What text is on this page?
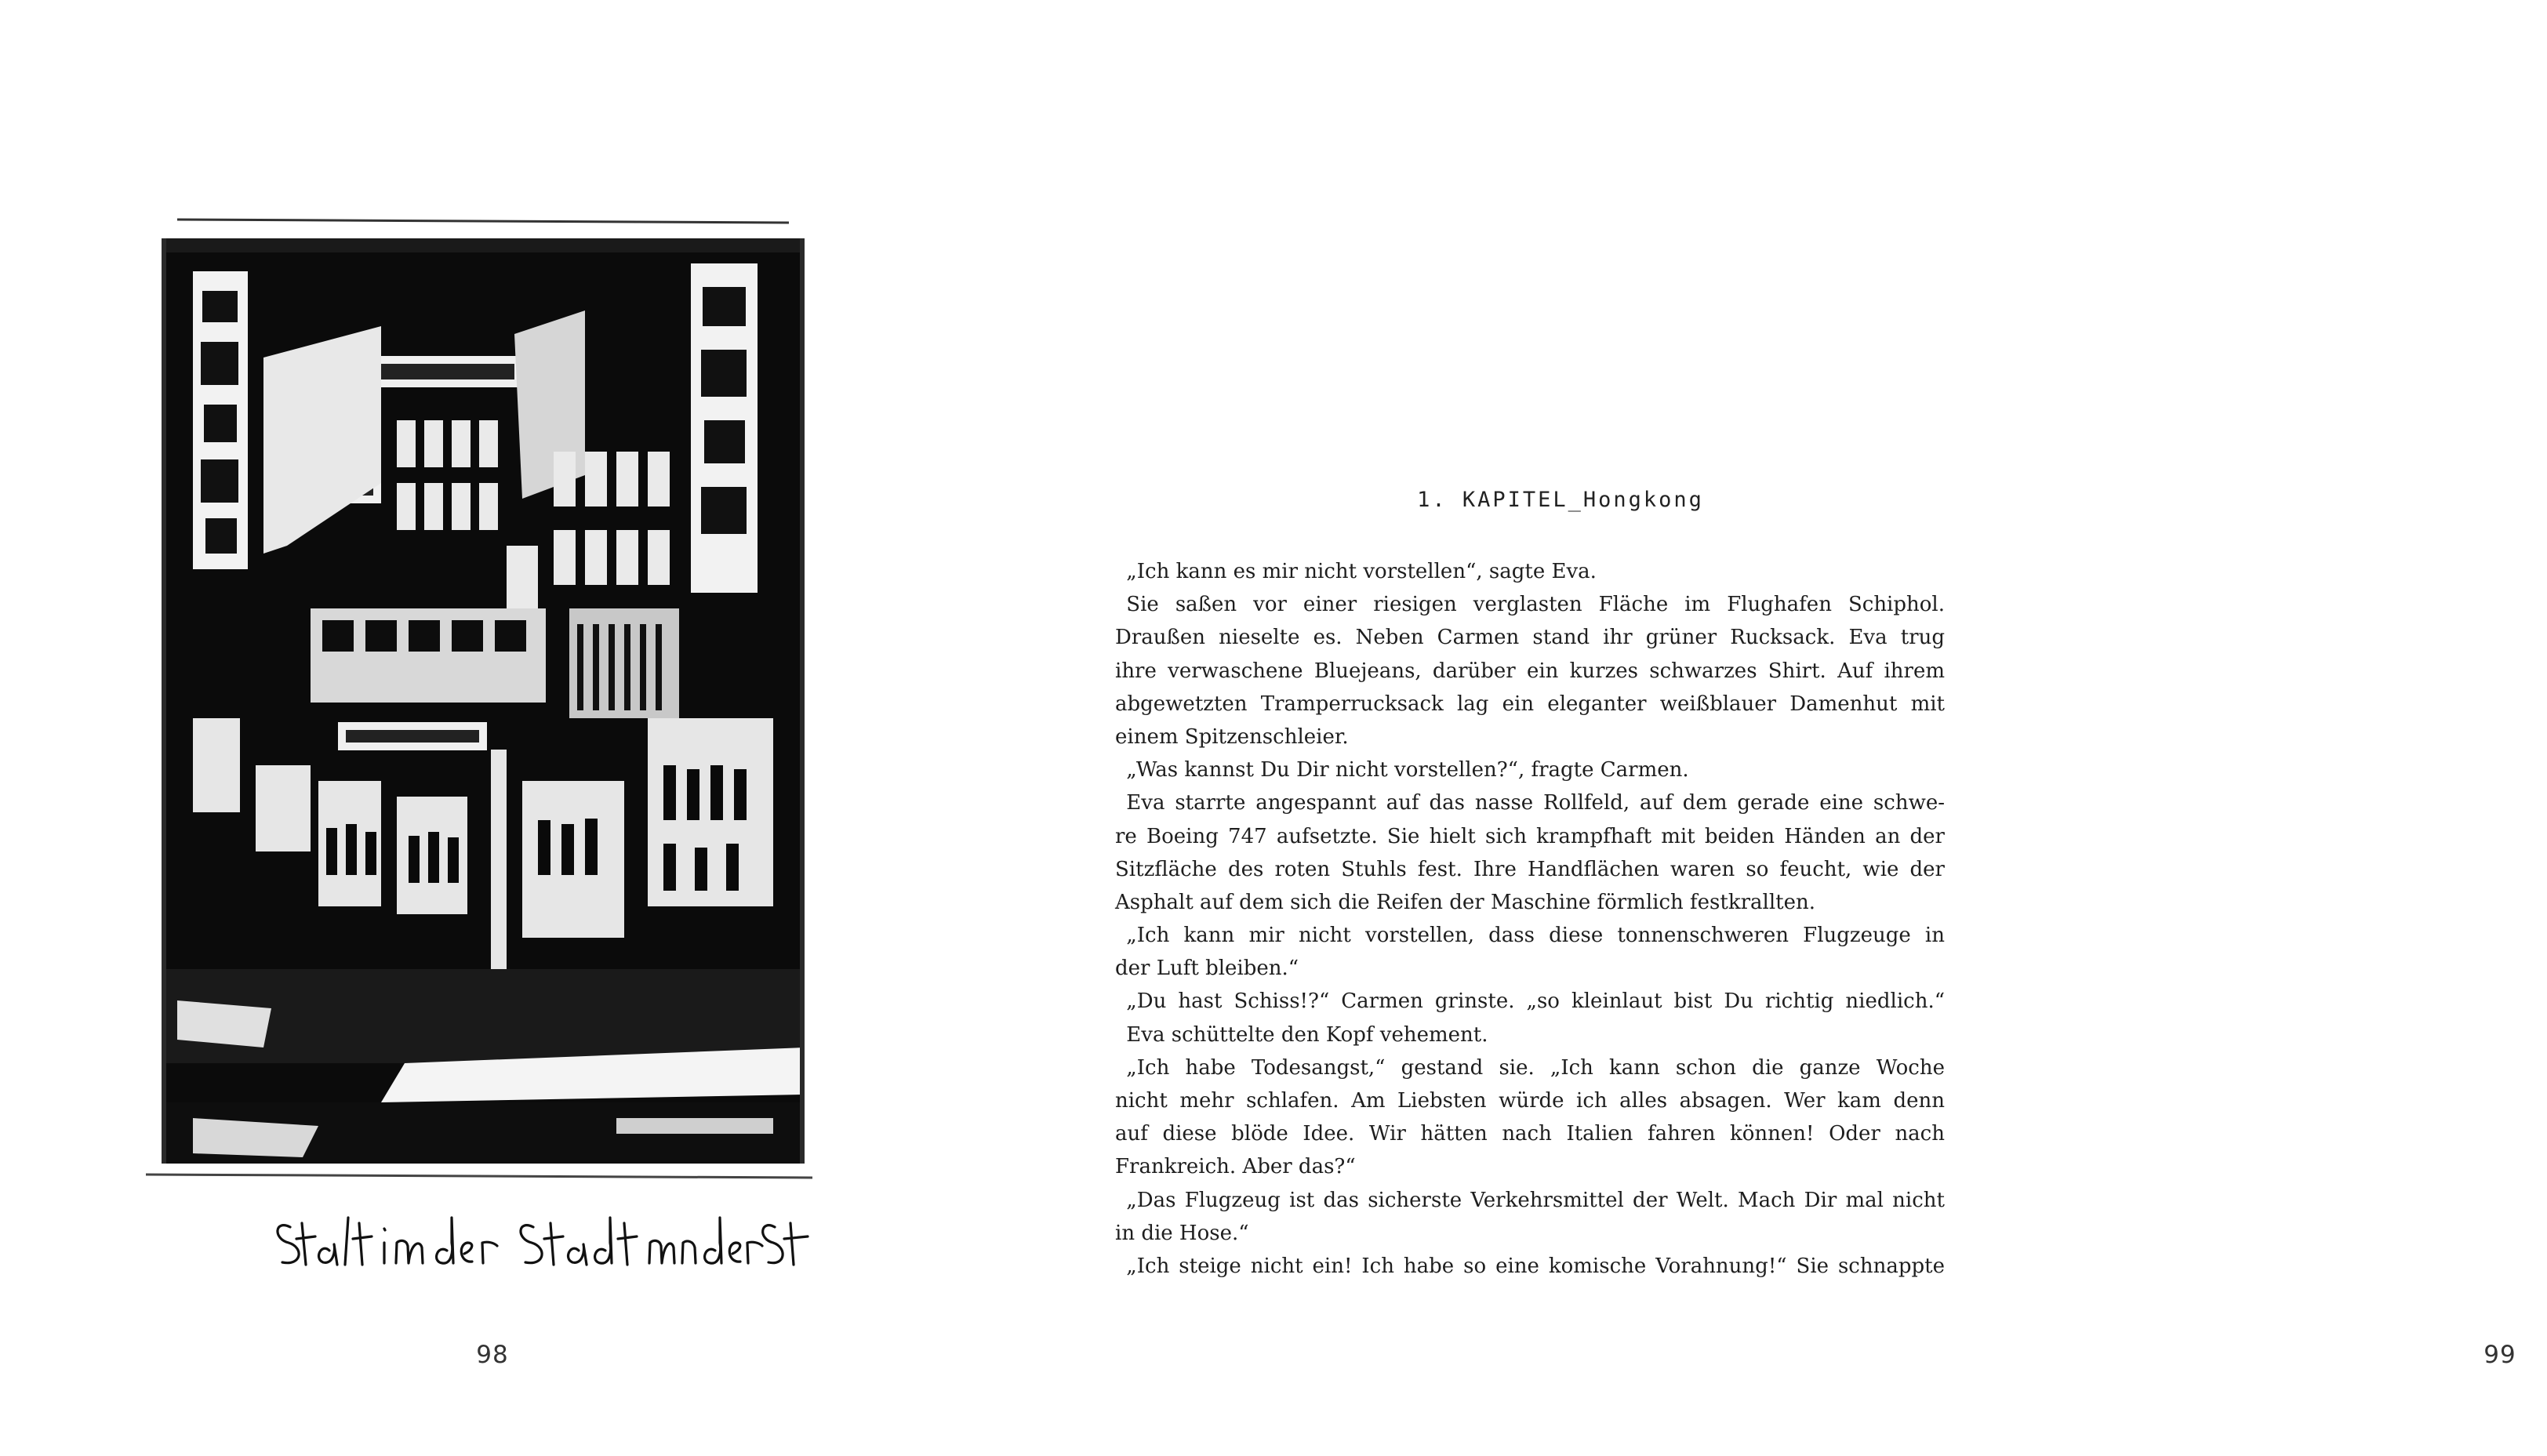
98
1. KAPITEL_Hongkong
„Ich kann es mir nicht vorstellen“, sagte Eva.
Sie saßen vor einer riesigen verglasten Fläche im Flughafen Schiphol.
Draußen nieselte es. Neben Carmen stand ihr grüner Rucksack. Eva trug
ihre verwaschene Bluejeans, darüber ein kurzes schwarzes Shirt. Auf ihrem
abgewetzten Tramperrucksack lag ein eleganter weißblauer Damenhut mit
einem Spitzenschleier.
„Was kannst Du Dir nicht vorstellen?“, fragte Carmen.
Eva starrte angespannt auf das nasse Rollfeld, auf dem gerade eine schwe-
re Boeing 747 aufsetzte. Sie hielt sich krampfhaft mit beiden Händen an der
Sitzfläche des roten Stuhls fest. Ihre Handflächen waren so feucht, wie der
Asphalt auf dem sich die Reifen der Maschine förmlich festkrallten.
„Ich kann mir nicht vorstellen, dass diese tonnenschweren Flugzeuge in
der Luft bleiben.“
„Du hast Schiss!?“ Carmen grinste. „so kleinlaut bist Du richtig niedlich.“
Eva schüttelte den Kopf vehement.
„Ich habe Todesangst,“ gestand sie. „Ich kann schon die ganze Woche
nicht mehr schlafen. Am Liebsten würde ich alles absagen. Wer kam denn
auf diese blöde Idee. Wir hätten nach Italien fahren können! Oder nach
Frankreich. Aber das?“
„Das Flugzeug ist das sicherste Verkehrsmittel der Welt. Mach Dir mal nicht
in die Hose.“
„Ich steige nicht ein! Ich habe so eine komische Vorahnung!“ Sie schnappte
99
